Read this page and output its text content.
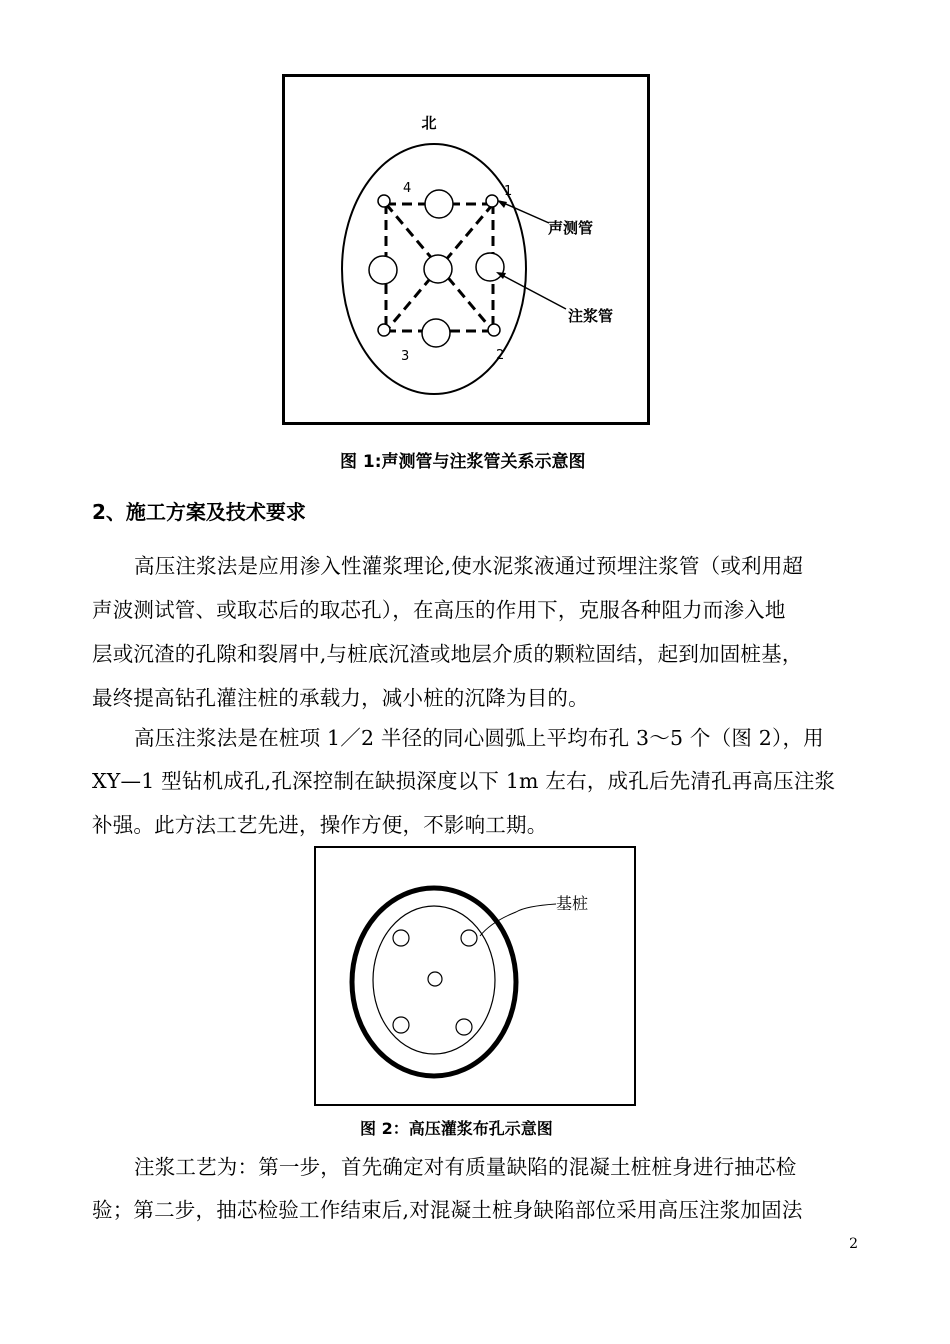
北
4	1
3	2
声测管
注浆管
图 1:声测管与注浆管关系示意图
2、施工方案及技术要求
高压注浆法是应用渗入性灌浆理论,使水泥浆液通过预埋注浆管（或利用超
声波测试管、或取芯后的取芯孔），在高压的作用下，克服各种阻力而渗入地
层或沉渣的孔隙和裂屑中,与桩底沉渣或地层介质的颗粒固结，起到加固桩基，
最终提高钻孔灌注桩的承载力，减小桩的沉降为目的。
高压注浆法是在桩项 1／2 半径的同心圆弧上平均布孔 3～5 个（图 2），用
XY—1 型钻机成孔,孔深控制在缺损深度以下 1m 左右，成孔后先清孔再高压注浆
补强。此方法工艺先进，操作方便，不影响工期。
基桩
图 2：高压灌浆布孔示意图
注浆工艺为：第一步，首先确定对有质量缺陷的混凝土桩桩身进行抽芯检
验；第二步，抽芯检验工作结束后,对混凝土桩身缺陷部位采用高压注浆加固法
2
